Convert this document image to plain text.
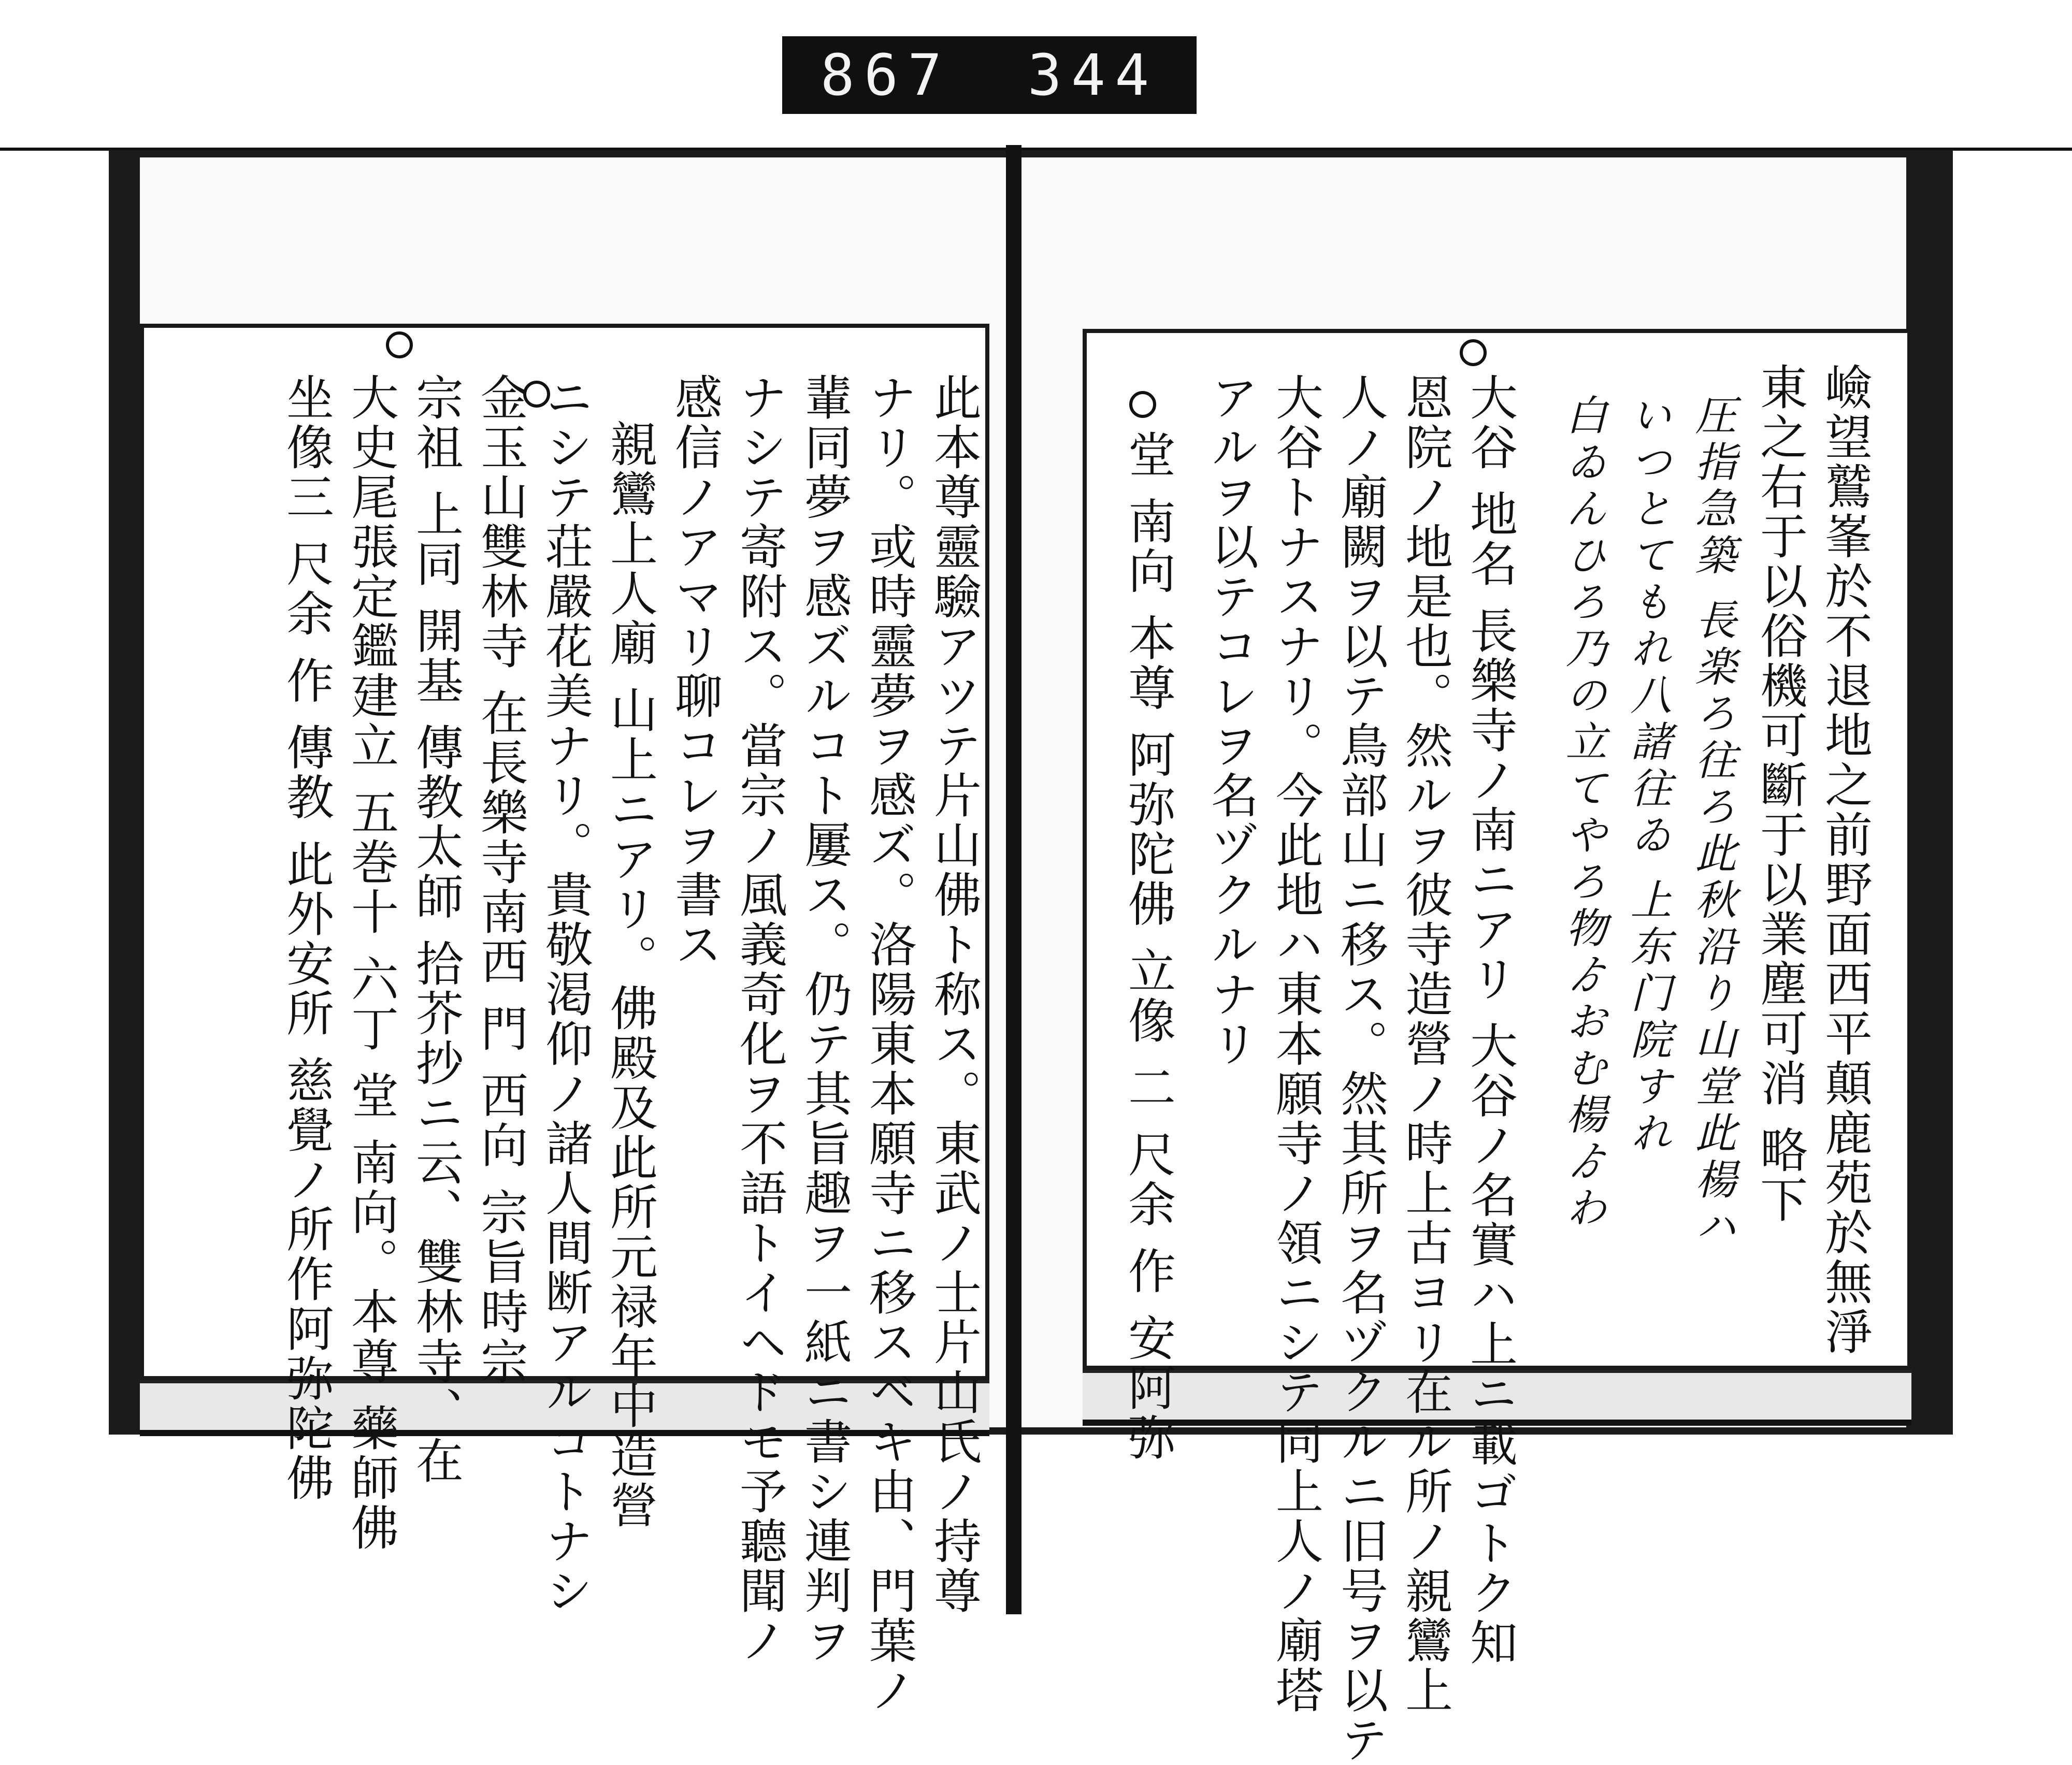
867 344
此本尊靈驗アツテ片山佛ト称ス。東武ノ士片山氏ノ持尊
ナリ。或時靈夢ヲ感ズ。洛陽東本願寺ニ移スベキ由、門葉ノ
輩同夢ヲ感ズルコト屢ス。仍テ其旨趣ヲ一紙ニ書シ連判ヲ
ナシテ寄附ス。當宗ノ風義奇化ヲ不語トイヘドモ予聽聞ノ
感信ノアマリ聊コレヲ書ス
親鸞上人廟 山上ニアリ。佛殿及此所元禄年中造營
ニシテ荘嚴花美ナリ。貴敬渇仰ノ諸人間断アルコトナシ
金玉山雙林寺 在長樂寺南西 門 西向 宗旨時宗
宗祖 上同 開基 傳教太師 拾芥抄ニ云、雙林寺、在
大史尾張定鑑建立 五巻十 六丁 堂 南向。本尊 藥師佛
坐像三 尺余 作 傳教 此外安所 慈覺ノ所作阿弥陀佛	嶮望鷲峯於不退地之前野面西平顛鹿苑於無淨
東之右于以俗機可斷于以業塵可消 略下
圧指急築 長楽ろ往ろ此秋沿り山堂此楊ハ
いつとてもれ八諸往ゐ 上东门院すれ
白ゐんひろ乃の立てやろ物ゟおむ楊ゟわ
大谷 地名 長樂寺ノ南ニアリ 大谷ノ名實ハ上ニ載ゴトク知
恩院ノ地是也。然ルヲ彼寺造營ノ時上古ヨリ在ル所ノ親鸞上
人ノ廟闕ヲ以テ鳥部山ニ移ス。然其所ヲ名ヅクルニ旧号ヲ以テ
大谷トナスナリ。今此地ハ東本願寺ノ領ニシテ同上人ノ廟塔
アルヲ以テコレヲ名ヅクルナリ
堂 南向 本尊 阿弥陀佛 立像 二 尺余 作 安阿弥
